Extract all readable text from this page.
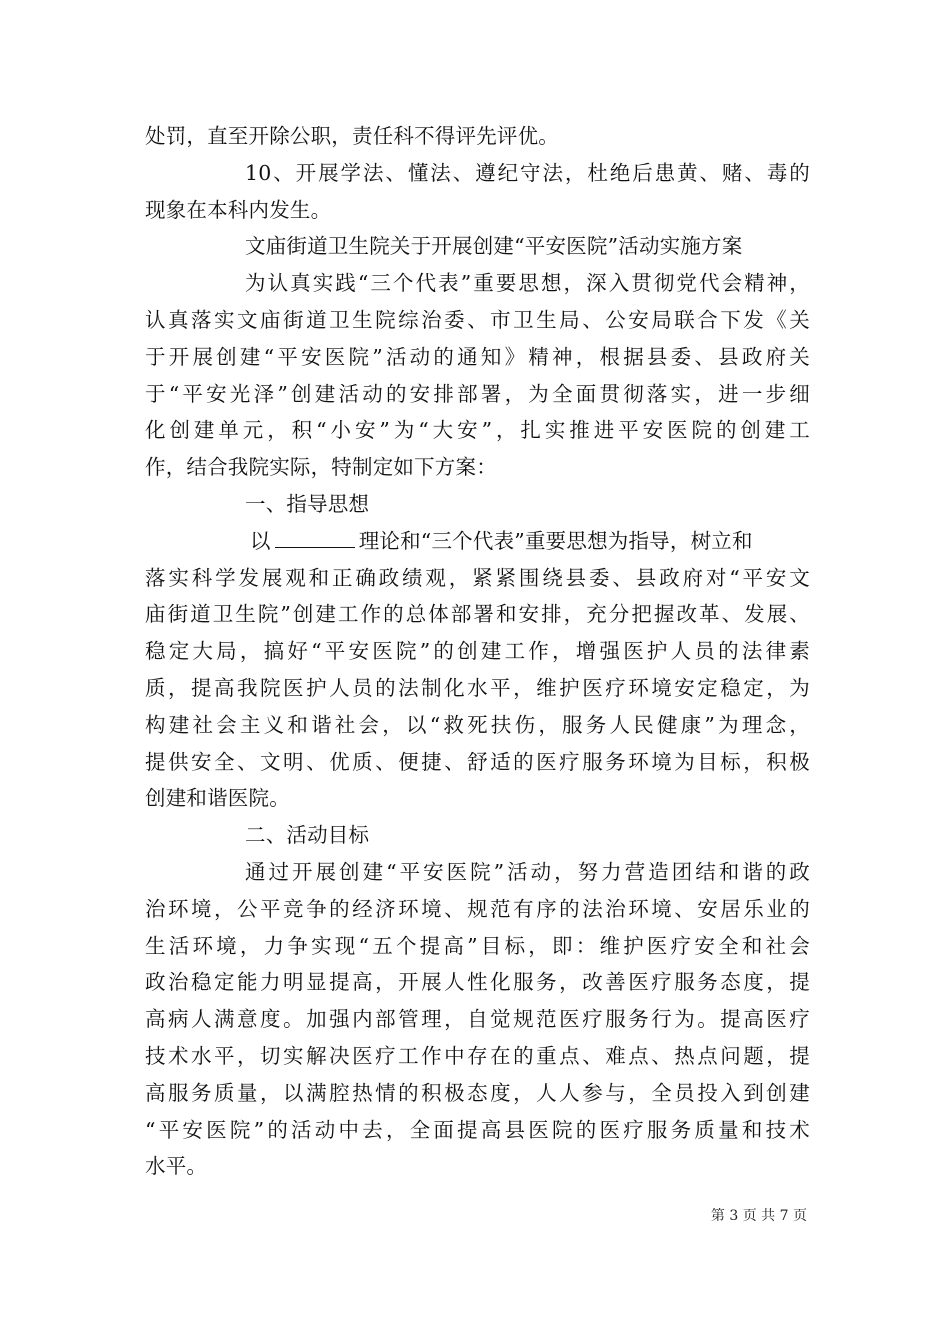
处罚，直至开除公职，责任科不得评先评优。
10、开展学法、懂法、遵纪守法，杜绝后患黄、赌、毒的
现象在本科内发生。
文庙街道卫生院关于开展创建“平安医院”活动实施方案
为认真实践“三个代表”重要思想，深入贯彻党代会精神，
认真落实文庙街道卫生院综治委、市卫生局、公安局联合下发《关
于开展创建“平安医院”活动的通知》精神，根据县委、县政府关
于“平安光泽”创建活动的安排部署，为全面贯彻落实，进一步细
化创建单元，积“小安”为“大安”，扎实推进平安医院的创建工
作，结合我院实际，特制定如下方案：
一、指导思想
以	理论和“三个代表”重要思想为指导，树立和
落实科学发展观和正确政绩观，紧紧围绕县委、县政府对“平安文
庙街道卫生院”创建工作的总体部署和安排，充分把握改革、发展、
稳定大局，搞好“平安医院”的创建工作，增强医护人员的法律素
质，提高我院医护人员的法制化水平，维护医疗环境安定稳定，为
构建社会主义和谐社会，以“救死扶伤，服务人民健康”为理念，
提供安全、文明、优质、便捷、舒适的医疗服务环境为目标，积极
创建和谐医院。
二、活动目标
通过开展创建“平安医院”活动，努力营造团结和谐的政
治环境，公平竞争的经济环境、规范有序的法治环境、安居乐业的
生活环境，力争实现“五个提高”目标，即：维护医疗安全和社会
政治稳定能力明显提高，开展人性化服务，改善医疗服务态度，提
高病人满意度。加强内部管理，自觉规范医疗服务行为。提高医疗
技术水平，切实解决医疗工作中存在的重点、难点、热点问题，提
高服务质量，以满腔热情的积极态度，人人参与，全员投入到创建
“平安医院”的活动中去，全面提高县医院的医疗服务质量和技术
水平。
第 3 页 共 7 页
